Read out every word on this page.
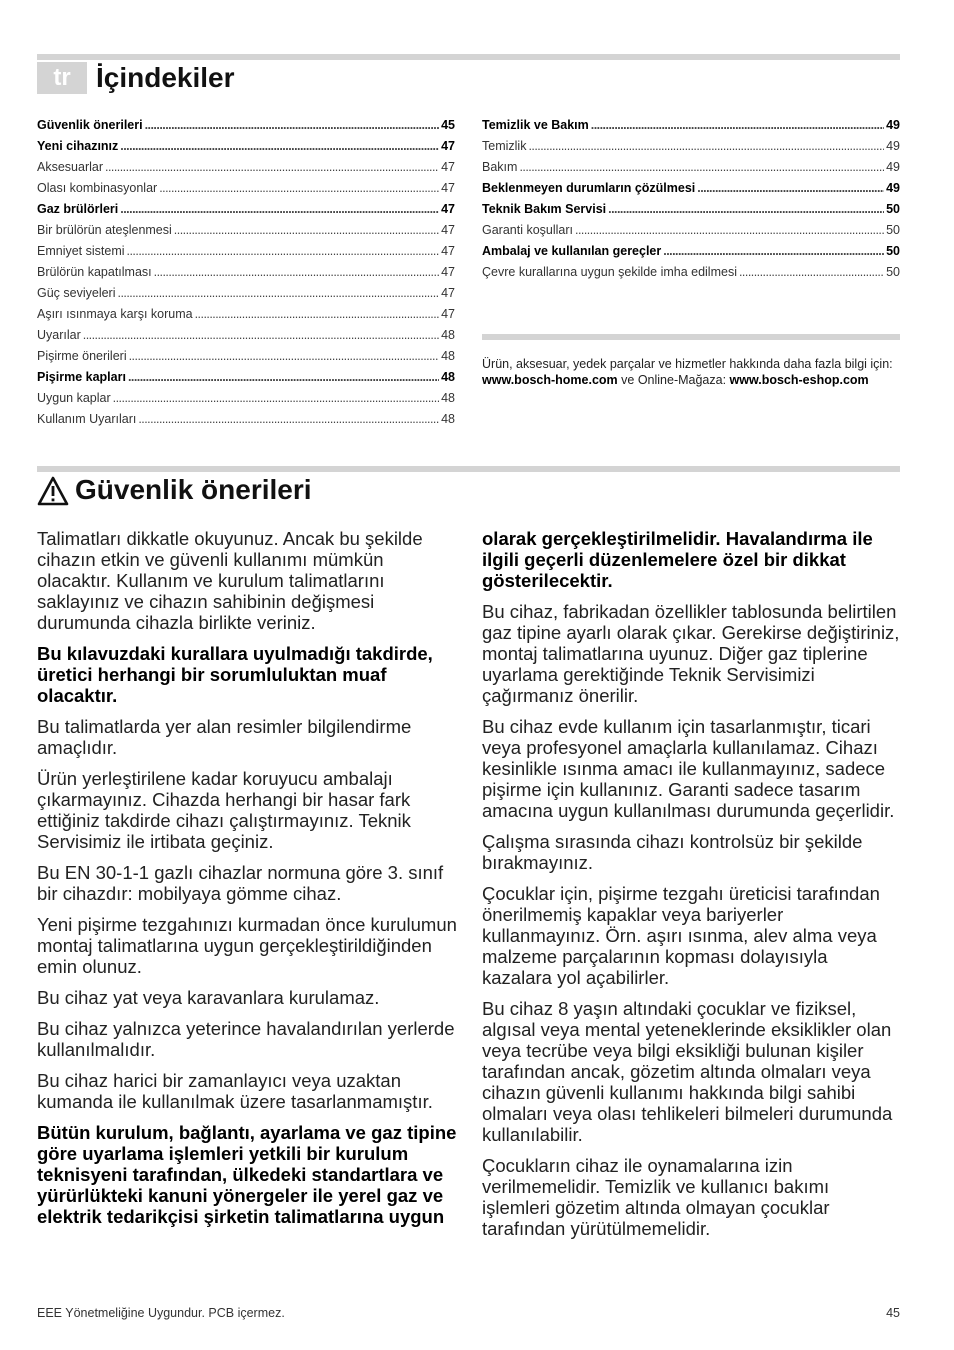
tr İçindekiler
Güvenlik önerileri . . .	45
Yeni cihazınız . . .	47
Aksesuarlar . . .	47
Olası kombinasyonlar . . .	47
Gaz brülörleri . . .	47
Bir brülörün ateşlenmesi . . .	47
Emniyet sistemi . . .	47
Brülörün kapatılması . . .	47
Güç seviyeleri . . .	47
Aşırı ısınmaya karşı koruma . . .	47
Uyarılar . . .	48
Pişirme önerileri . . .	48
Pişirme kapları . . .	48
Uygun kaplar . . .	48
Kullanım Uyarıları . . .	48
Temizlik ve Bakım . . .	49
Temizlik . . .	49
Bakım . . .	49
Beklenmeyen durumların çözülmesi . . .	49
Teknik Bakım Servisi . . .	50
Garanti koşulları . . .	50
Ambalaj ve kullanılan gereçler . . .	50
Çevre kurallarına uygun şekilde imha edilmesi . . .	50
Ürün, aksesuar, yedek parçalar ve hizmetler hakkında daha fazla bilgi için: www.bosch-home.com ve Online-Mağaza: www.bosch-eshop.com
Güvenlik önerileri

Talimatları dikkatle okuyunuz. Ancak bu şekilde cihazın etkin ve güvenli kullanımı mümkün olacaktır. Kullanım ve kurulum talimatlarını saklayınız ve cihazın sahibinin değişmesi durumunda cihazla birlikte veriniz.

Bu kılavuzdaki kurallara uyulmadığı takdirde, üretici herhangi bir sorumluluktan muaf olacaktır.

Bu talimatlarda yer alan resimler bilgilendirme amaçlıdır.

Ürün yerleştirilene kadar koruyucu ambalajı çıkarmayınız. Cihazda herhangi bir hasar fark ettiğiniz takdirde cihazı çalıştırmayınız. Teknik Servisimiz ile irtibata geçiniz.

Bu EN 30-1-1 gazlı cihazlar normuna göre 3. sınıf bir cihazdır: mobilyaya gömme cihaz.

Yeni pişirme tezgahınızı kurmadan önce kurulumun montaj talimatlarına uygun gerçekleştirildiğinden emin olunuz.

Bu cihaz yat veya karavanlara kurulamaz.

Bu cihaz yalnızca yeterince havalandırılan yerlerde kullanılmalıdır.

Bu cihaz harici bir zamanlayıcı veya uzaktan kumanda ile kullanılmak üzere tasarlanmamıştır.

Bütün kurulum, bağlantı, ayarlama ve gaz tipine göre uyarlama işlemleri yetkili bir kurulum teknisyeni tarafından, ülkedeki standartlara ve yürürlükteki kanuni yönergeler ile yerel gaz ve elektrik tedarikçisi şirketin talimatlarına uygun

olarak gerçekleştirilmelidir. Havalandırma ile ilgili geçerli düzenlemelere özel bir dikkat gösterilecektir.

Bu cihaz, fabrikadan özellikler tablosunda belirtilen gaz tipine ayarlı olarak çıkar. Gerekirse değiştiriniz, montaj talimatlarına uyunuz. Diğer gaz tiplerine uyarlama gerektiğinde Teknik Servisimizi çağırmanız önerilir.

Bu cihaz evde kullanım için tasarlanmıştır, ticari veya profesyonel amaçlarla kullanılamaz. Cihazı kesinlikle ısınma amacı ile kullanmayınız, sadece pişirme için kullanınız. Garanti sadece tasarım amacına uygun kullanılması durumunda geçerlidir.

Çalışma sırasında cihazı kontrolsüz bir şekilde bırakmayınız.

Çocuklar için, pişirme tezgahı üreticisi tarafından önerilmemiş kapaklar veya bariyerler kullanmayınız. Örn. aşırı ısınma, alev alma veya malzeme parçalarının kopması dolayısıyla kazalara yol açabilirler.

Bu cihaz 8 yaşın altındaki çocuklar ve fiziksel, algısal veya mental yeteneklerinde eksiklikler olan veya tecrübe veya bilgi eksikliği bulunan kişiler tarafından ancak, gözetim altında olmaları veya cihazın güvenli kullanımı hakkında bilgi sahibi olmaları veya olası tehlikeleri bilmeleri durumunda kullanılabilir.

Çocukların cihaz ile oynamalarına izin verilmemelidir. Temizlik ve kullanıcı bakımı işlemleri gözetim altında olmayan çocuklar tarafından yürütülmemelidir.

EEE Yönetmeliğine Uygundur. PCB içermez.	45
